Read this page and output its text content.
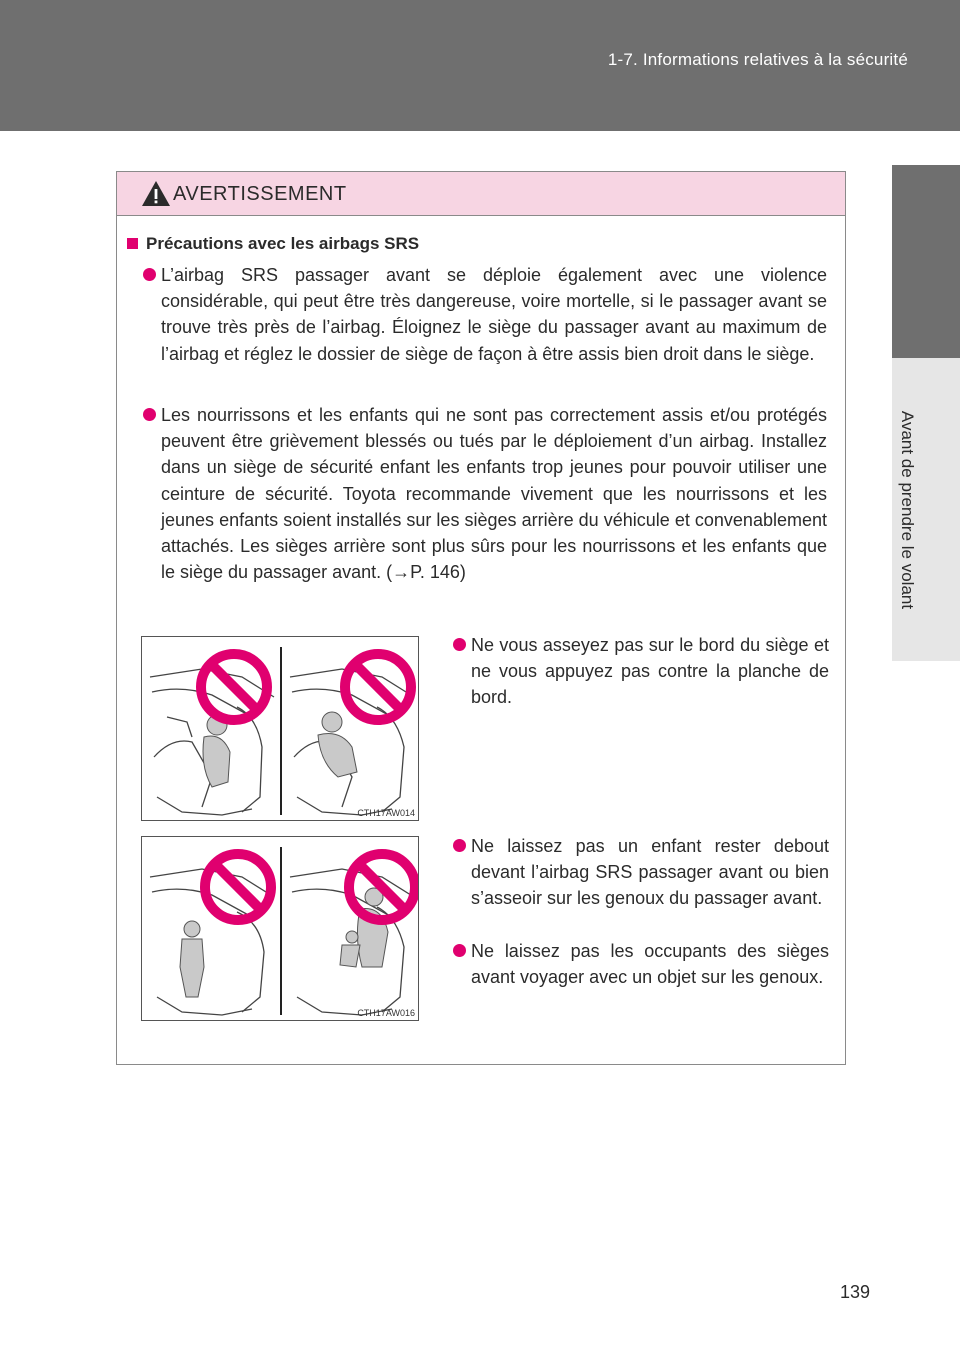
1-7. Informations relatives à la sécurité
1
Avant de prendre le volant
AVERTISSEMENT
Précautions avec les airbags SRS
L’airbag SRS passager avant se déploie également avec une violence considérable, qui peut être très dangereuse, voire mortelle, si le passager avant se trouve très près de l’airbag. Éloignez le siège du passager avant au maximum de l’airbag et réglez le dossier de siège de façon à être assis bien droit dans le siège.
Les nourrissons et les enfants qui ne sont pas correctement assis et/ou protégés peuvent être grièvement blessés ou tués par le déploiement d’un airbag. Installez dans un siège de sécurité enfant les enfants trop jeunes pour pouvoir utiliser une ceinture de sécurité. Toyota recommande vivement que les nourrissons et les jeunes enfants soient installés sur les sièges arrière du véhicule et convenablement attachés. Les sièges arrière sont plus sûrs pour les nourrissons et les enfants que le siège du passager avant. (→P. 146)
CTH17AW014
Ne vous asseyez pas sur le bord du siège et ne vous appuyez pas contre la planche de bord.
CTH17AW016
Ne laissez pas un enfant rester debout devant l’airbag SRS passager avant ou bien s’asseoir sur les genoux du passager avant.
Ne laissez pas les occupants des sièges avant voyager avec un objet sur les genoux.
139
